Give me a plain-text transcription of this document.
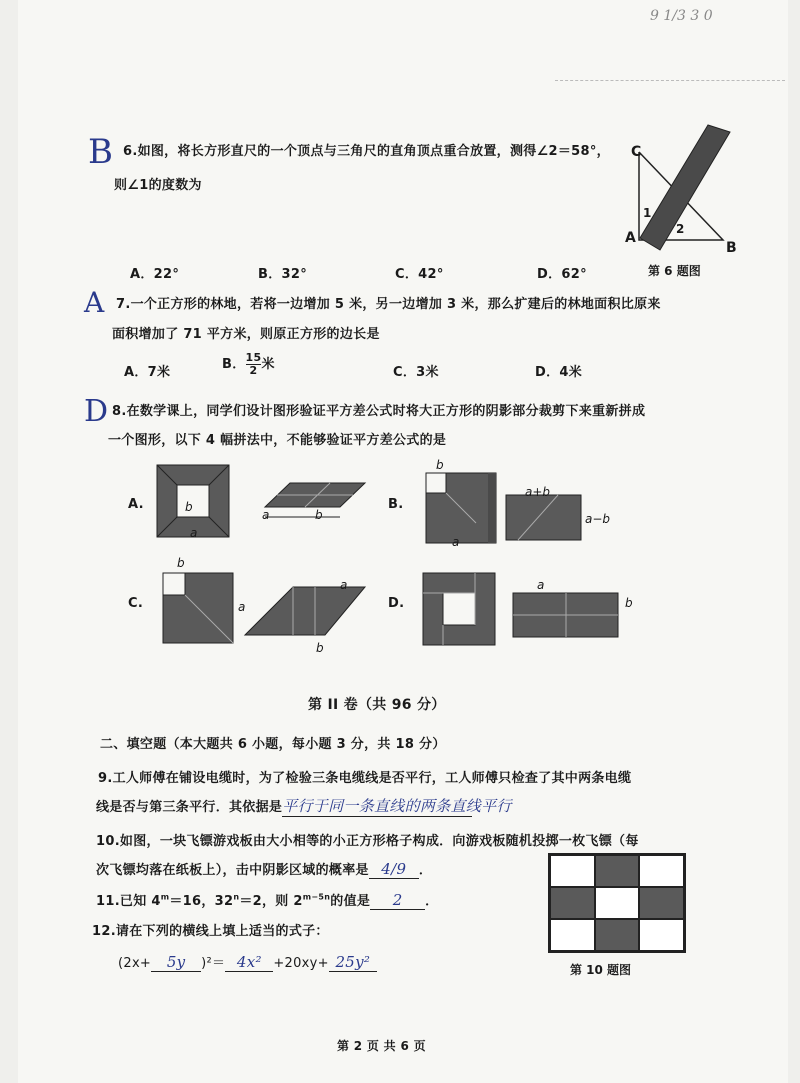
9 1/3 3 0
B 6.如图，将长方形直尺的一个顶点与三角尺的直角顶点重合放置，测得∠2＝58°，
则∠1的度数为
A．22°	B．32°	C．42°	D．62°
C
A
B
1
2
第 6 题图
A 7.一个正方形的林地，若将一边增加 5 米，另一边增加 3 米，那么扩建后的林地面积比原来
面积增加了 71 平方米，则原正方形的边长是
A．7米
B． $\frac{15}{2}$ 米
C．3米	D．4米
D 8.在数学课上，同学们设计图形验证平方差公式时将大正方形的阴影部分裁剪下来重新拼成
一个图形，以下 4 幅拼法中，不能够验证平方差公式的是
A.	B.
C.	D.
b
a
a	b
b
a+b
a−b
a
b
a
a
b
a
b
第 II 卷（共 96 分）
二、填空题（本大题共 6 小题，每小题 3 分，共 18 分）
9.工人师傅在铺设电缆时，为了检验三条电缆线是否平行，工人师傅只检查了其中两条电缆
线是否与第三条平行．其依据是平行于同一条直线的两条直线平行
10.如图，一块飞镖游戏板由大小相等的小正方形格子构成．向游戏板随机投掷一枚飞镖（每
次飞镖均落在纸板上），击中阴影区域的概率是 4/9 ．
第 10 题图
11.已知 $4^m=16$，$32^n=2$，则 $2^{m-5n}$的值是 2 ．
12.请在下列的横线上填上适当的式子：
(2x+ 5y )²＝ 4x² +20xy+ 25y²
第 2 页 共 6 页
